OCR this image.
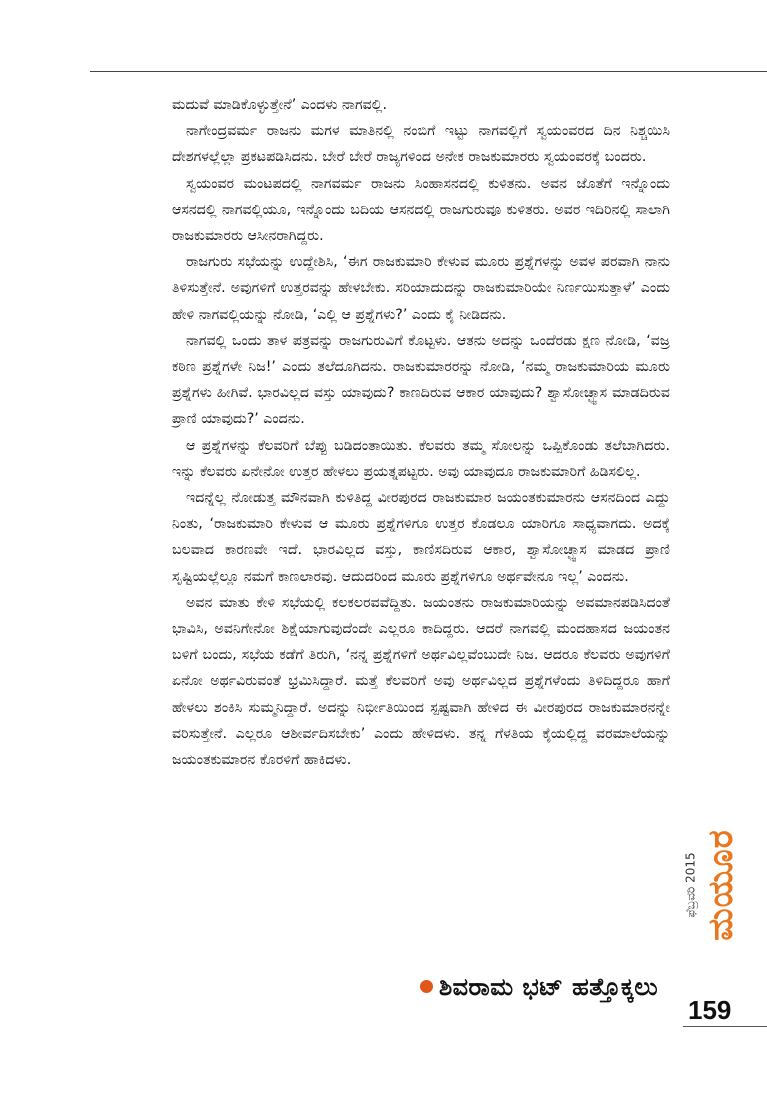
ಮದುವೆ ಮಾಡಿಕೊಳ್ಳುತ್ತೇನೆ’ ಎಂದಳು ನಾಗವಲ್ಲಿ.

ನಾಗೇಂದ್ರವರ್ಮ ರಾಜನು ಮಗಳ ಮಾತಿನಲ್ಲಿ ನಂಬಿಗೆ ಇಟ್ಟು ನಾಗವಲ್ಲಿಗೆ ಸ್ವಯಂವರದ ದಿನ ನಿಶ್ಚಯಿಸಿ ದೇಶಗಳಲ್ಲೆಲ್ಲಾ ಪ್ರಕಟಪಡಿಸಿದನು. ಬೇರೆ ಬೇರೆ ರಾಜ್ಯಗಳಿಂದ ಅನೇಕ ರಾಜಕುಮಾರರು ಸ್ವಯಂವರಕ್ಕೆ ಬಂದರು.

ಸ್ವಯಂವರ ಮಂಟಪದಲ್ಲಿ ನಾಗವರ್ಮ ರಾಜನು ಸಿಂಹಾಸನದಲ್ಲಿ ಕುಳಿತನು. ಅವನ ಜೊತೆಗೆ ಇನ್ನೊಂದು ಆಸನದಲ್ಲಿ ನಾಗವಲ್ಲಿಯೂ, ಇನ್ನೊಂದು ಬದಿಯ ಆಸನದಲ್ಲಿ ರಾಜಗುರುವೂ ಕುಳಿತರು. ಅವರ ಇದಿರಿನಲ್ಲಿ ಸಾಲಾಗಿ ರಾಜಕುಮಾರರು ಆಸೀನರಾಗಿದ್ದರು.

ರಾಜಗುರು ಸಭೆಯನ್ನು ಉದ್ದೇಶಿಸಿ, ‘ಈಗ ರಾಜಕುಮಾರಿ ಕೇಳುವ ಮೂರು ಪ್ರಶ್ನೆಗಳನ್ನು ಅವಳ ಪರವಾಗಿ ನಾನು ತಿಳಿಸುತ್ತೇನೆ. ಅವುಗಳಿಗೆ ಉತ್ತರವನ್ನು ಹೇಳಬೇಕು. ಸರಿಯಾದುದನ್ನು ರಾಜಕುಮಾರಿಯೇ ನಿರ್ಣಯಿಸುತ್ತಾಳೆ’ ಎಂದು ಹೇಳಿ ನಾಗವಲ್ಲಿಯನ್ನು ನೋಡಿ, ‘ಎಲ್ಲಿ ಆ ಪ್ರಶ್ನೆಗಳು?’ ಎಂದು ಕೈ ನೀಡಿದನು.

ನಾಗವಲ್ಲಿ ಒಂದು ತಾಳ ಪತ್ರವನ್ನು ರಾಜಗುರುವಿಗೆ ಕೊಟ್ಟಳು. ಆತನು ಅದನ್ನು ಒಂದೆರಡು ಕ್ಷಣ ನೋಡಿ, ‘ವಜ್ರ ಕಠಿಣ ಪ್ರಶ್ನೆಗಳೇ ನಿಜ!’ ಎಂದು ತಲೆದೂಗಿದನು. ರಾಜಕುಮಾರರನ್ನು ನೋಡಿ, ‘ನಮ್ಮ ರಾಜಕುಮಾರಿಯ ಮೂರು ಪ್ರಶ್ನೆಗಳು ಹೀಗಿವೆ. ಭಾರವಿಲ್ಲದ ವಸ್ತು ಯಾವುದು? ಕಾಣದಿರುವ ಆಕಾರ ಯಾವುದು? ಶ್ವಾಸೋಚ್ಛ್ವಾಸ ಮಾಡದಿರುವ ಪ್ರಾಣಿ ಯಾವುದು?’ ಎಂದನು.

ಆ ಪ್ರಶ್ನೆಗಳನ್ನು ಕೆಲವರಿಗೆ ಬೆಪ್ಪು ಬಡಿದಂತಾಯಿತು. ಕೆಲವರು ತಮ್ಮ ಸೋಲನ್ನು ಒಪ್ಪಿಕೊಂಡು ತಲೆಬಾಗಿದರು. ಇನ್ನು ಕೆಲವರು ಏನೇನೋ ಉತ್ತರ ಹೇಳಲು ಪ್ರಯತ್ನಪಟ್ಟರು. ಅವು ಯಾವುದೂ ರಾಜಕುಮಾರಿಗೆ ಹಿಡಿಸಲಿಲ್ಲ.

ಇದನ್ನೆಲ್ಲ ನೋಡುತ್ತ ಮೌನವಾಗಿ ಕುಳಿತಿದ್ದ ವೀರಪುರದ ರಾಜಕುಮಾರ ಜಯಂತಕುಮಾರನು ಆಸನದಿಂದ ಎದ್ದು ನಿಂತು, ‘ರಾಜಕುಮಾರಿ ಕೇಳುವ ಆ ಮೂರು ಪ್ರಶ್ನೆಗಳಿಗೂ ಉತ್ತರ ಕೊಡಲೂ ಯಾರಿಗೂ ಸಾಧ್ಯವಾಗದು. ಅದಕ್ಕೆ ಬಲವಾದ ಕಾರಣವೇ ಇದೆ. ಭಾರವಿಲ್ಲದ ವಸ್ತು, ಕಾಣಿಸದಿರುವ ಆಕಾರ, ಶ್ವಾಸೋಚ್ಛ್ವಾಸ ಮಾಡದ ಪ್ರಾಣಿ ಸೃಷ್ಟಿಯಲ್ಲೆಲ್ಲೂ ನಮಗೆ ಕಾಣಲಾರವು. ಆದುದರಿಂದ ಮೂರು ಪ್ರಶ್ನೆಗಳಿಗೂ ಅರ್ಥವೇನೂ ಇಲ್ಲ’ ಎಂದನು.

ಅವನ ಮಾತು ಕೇಳಿ ಸಭೆಯಲ್ಲಿ ಕಲಕಲರವವೆದ್ದಿತು. ಜಯಂತನು ರಾಜಕುಮಾರಿಯನ್ನು ಅವಮಾನಪಡಿಸಿದಂತೆ ಭಾವಿಸಿ, ಅವನಿಗೇನೋ ಶಿಕ್ಷೆಯಾಗುವುದೆಂದೇ ಎಲ್ಲರೂ ಕಾದಿದ್ದರು. ಆದರೆ ನಾಗವಲ್ಲಿ ಮಂದಹಾಸದ ಜಯಂತನ ಬಳಿಗೆ ಬಂದು, ಸಭೆಯ ಕಡೆಗೆ ತಿರುಗಿ, ‘ನನ್ನ ಪ್ರಶ್ನೆಗಳಿಗೆ ಅರ್ಥವಿಲ್ಲವೆಂಬುದೇ ನಿಜ. ಆದರೂ ಕೆಲವರು ಅವುಗಳಿಗೆ ಏನೋ ಅರ್ಥವಿರುವಂತೆ ಭ್ರಮಿಸಿದ್ದಾರೆ. ಮತ್ತೆ ಕೆಲವರಿಗೆ ಅವು ಅರ್ಥವಿಲ್ಲದ ಪ್ರಶ್ನೆಗಳೆಂದು ತಿಳಿದಿದ್ದರೂ ಹಾಗೆ ಹೇಳಲು ಶಂಕಿಸಿ ಸುಮ್ಮನಿದ್ದಾರೆ. ಅದನ್ನು ನಿರ್ಭೀತಿಯಿಂದ ಸ್ಪಷ್ಟವಾಗಿ ಹೇಳಿದ ಈ ವೀರಪುರದ ರಾಜಕುಮಾರನನ್ನೇ ವರಿಸುತ್ತೇನೆ. ಎಲ್ಲರೂ ಆಶೀರ್ವದಿಸಬೇಕು’ ಎಂದು ಹೇಳಿದಳು. ತನ್ನ ಗೆಳತಿಯ ಕೈಯಲ್ಲಿದ್ದ ವರಮಾಲೆಯನ್ನು ಜಯಂತಕುಮಾರನ ಕೊರಳಿಗೆ ಹಾಕಿದಳು.

ಶಿವರಾಮ ಭಟ್ ಹತ್ತೊಕ್ಕಲು
159
ಫೆಬ್ರವರಿ 2015 ಮಯೂರ
